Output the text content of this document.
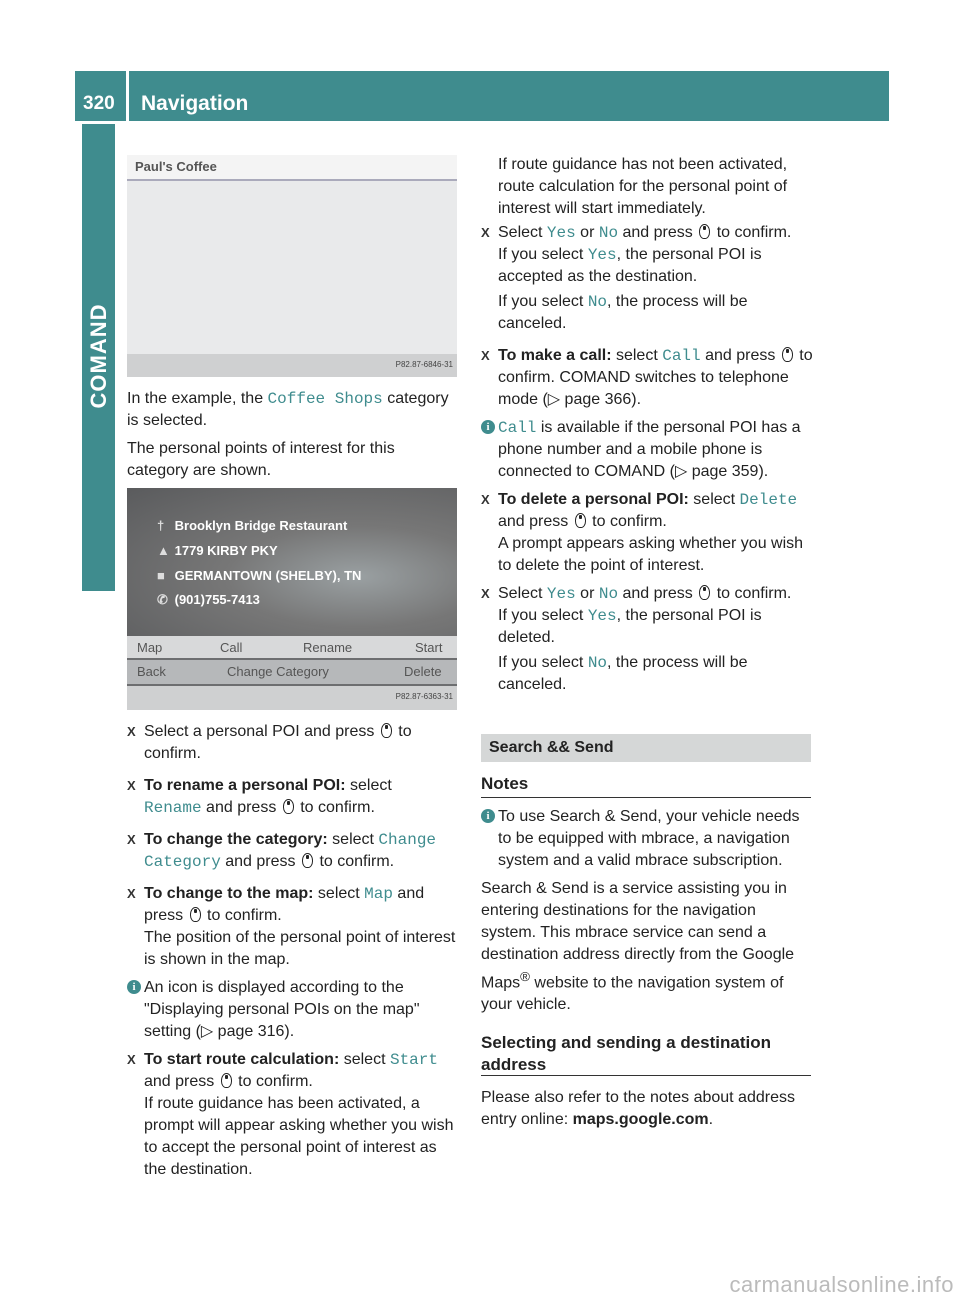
320 Navigation
COMAND
Paul's Coffee
P82.87-6846-31
† Brooklyn Bridge Restaurant
▲ 1779 KIRBY PKY
■ GERMANTOWN (SHELBY), TN
✆ (901)755-7413
Map	Call	Rename	Start
Back	Change Category	Delete
P82.87-6363-31

In the example, the Coffee Shops category is selected.

The personal points of interest for this category are shown.

X Select a personal POI and press to confirm.

X To rename a personal POI: select
Rename and press to confirm.

X To change the category: select Change
Category and press to confirm.

X To change to the map: select Map and press to confirm.
The position of the personal point of interest is shown in the map.

i An icon is displayed according to the "Displaying personal POIs on the map" setting (▷ page 316).

X To start route calculation: select Start
and press to confirm.
If route guidance has been activated, a prompt will appear asking whether you wish to accept the personal point of interest as the destination.

If route guidance has not been activated, route calculation for the personal point of interest will start immediately.

X Select Yes or No and press to confirm.
If you select Yes, the personal POI is accepted as the destination.

If you select No, the process will be canceled.

X To make a call: select Call and press to confirm. COMAND switches to telephone mode (▷ page 366).

i Call is available if the personal POI has a phone number and a mobile phone is connected to COMAND (▷ page 359).

X To delete a personal POI: select Delete
and press to confirm.
A prompt appears asking whether you wish to delete the point of interest.

X Select Yes or No and press to confirm.
If you select Yes, the personal POI is deleted.

If you select No, the process will be canceled.

Search && Send
Notes

i To use Search & Send, your vehicle needs to be equipped with mbrace, a navigation system and a valid mbrace subscription.

Search & Send is a service assisting you in entering destinations for the navigation system. This mbrace service can send a destination address directly from the Google Maps® website to the navigation system of your vehicle.

Selecting and sending a destination address

Please also refer to the notes about address entry online: maps.google.com.

carmanualsonline.info
